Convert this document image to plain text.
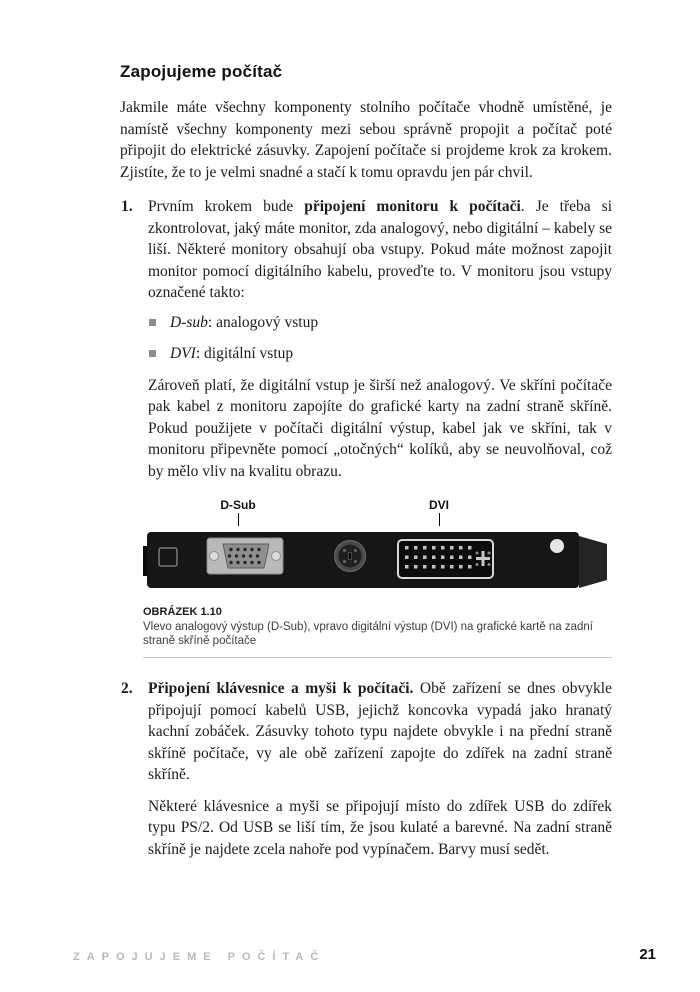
Zapojujeme počítač

Jakmile máte všechny komponenty stolního počítače vhodně umístěné, je namístě všechny komponenty mezi sebou správně propojit a počítač poté připojit do elektrické zásuvky. Zapojení počítače si projdeme krok za krokem. Zjistíte, že to je velmi snadné a stačí k tomu opravdu jen pár chvil.

1. Prvním krokem bude připojení monitoru k počítači. Je třeba si zkontrolovat, jaký máte monitor, zda analogový, nebo digitální – kabely se liší. Některé monitory obsahují oba vstupy. Pokud máte možnost zapojit monitor pomocí digitálního kabelu, proveďte to. V monitoru jsou vstupy označené takto:

D-sub: analogový vstup

DVI: digitální vstup

Zároveň platí, že digitální vstup je širší než analogový. Ve skříni počítače pak kabel z monitoru zapojíte do grafické karty na zadní straně skříně. Pokud použijete v počítači digitální výstup, kabel jak ve skříni, tak v monitoru připevněte pomocí „otočných“ kolíků, aby se neuvolňoval, což by mělo vliv na kvalitu obrazu.

D-Sub	DVI
OBRÁZEK 1.10
Vlevo analogový výstup (D-Sub), vpravo digitální výstup (DVI) na grafické kartě na zadní straně skříně počítače
2. Připojení klávesnice a myši k počítači. Obě zařízení se dnes obvykle připojují pomocí kabelů USB, jejichž koncovka vypadá jako hranatý kachní zobáček. Zásuvky tohoto typu najdete obvykle i na přední straně skříně počítače, vy ale obě zařízení zapojte do zdířek na zadní straně skříně.

Některé klávesnice a myši se připojují místo do zdířek USB do zdířek typu PS/2. Od USB se liší tím, že jsou kulaté a barevné. Na zadní straně skříně je najdete zcela nahoře pod vypínačem. Barvy musí sedět.

ZAPOJUJEME POČÍTAČ	21
